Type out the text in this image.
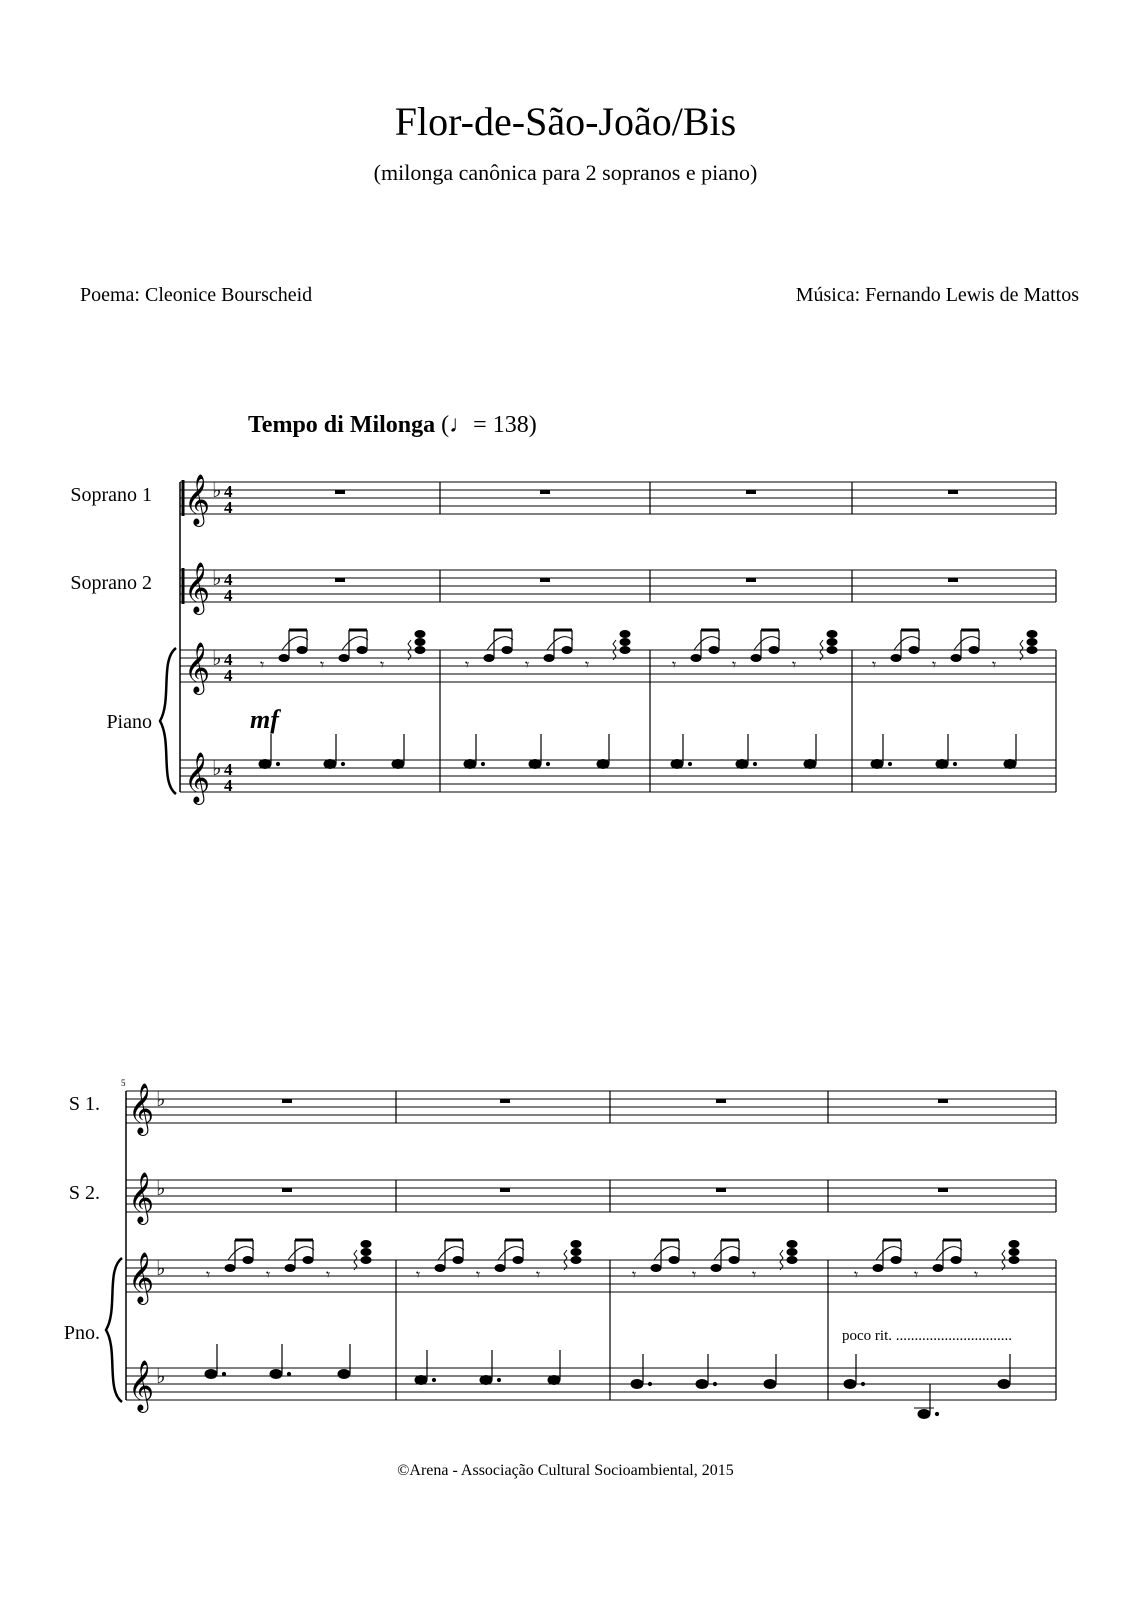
Flor-de-São-João/Bis
(milonga canônica para 2 sopranos e piano)
Poema: Cleonice Bourscheid	Música: Fernando Lewis de Mattos
Tempo di Milonga (♩= 138)
Soprano 1
Soprano 2
Piano
S 1.
S 2.
Pno.
𝄞
𝄞
𝄞
𝄞
♭
♭
♭
♭
4
4
4
4
4
4
4
4
𝄾	𝄾	𝄾
mf
𝄞
𝄞
𝄞
𝄞
♭
♭
♭
♭
5
poco rit. ...............................
©Arena - Associação Cultural Socioambiental, 2015
